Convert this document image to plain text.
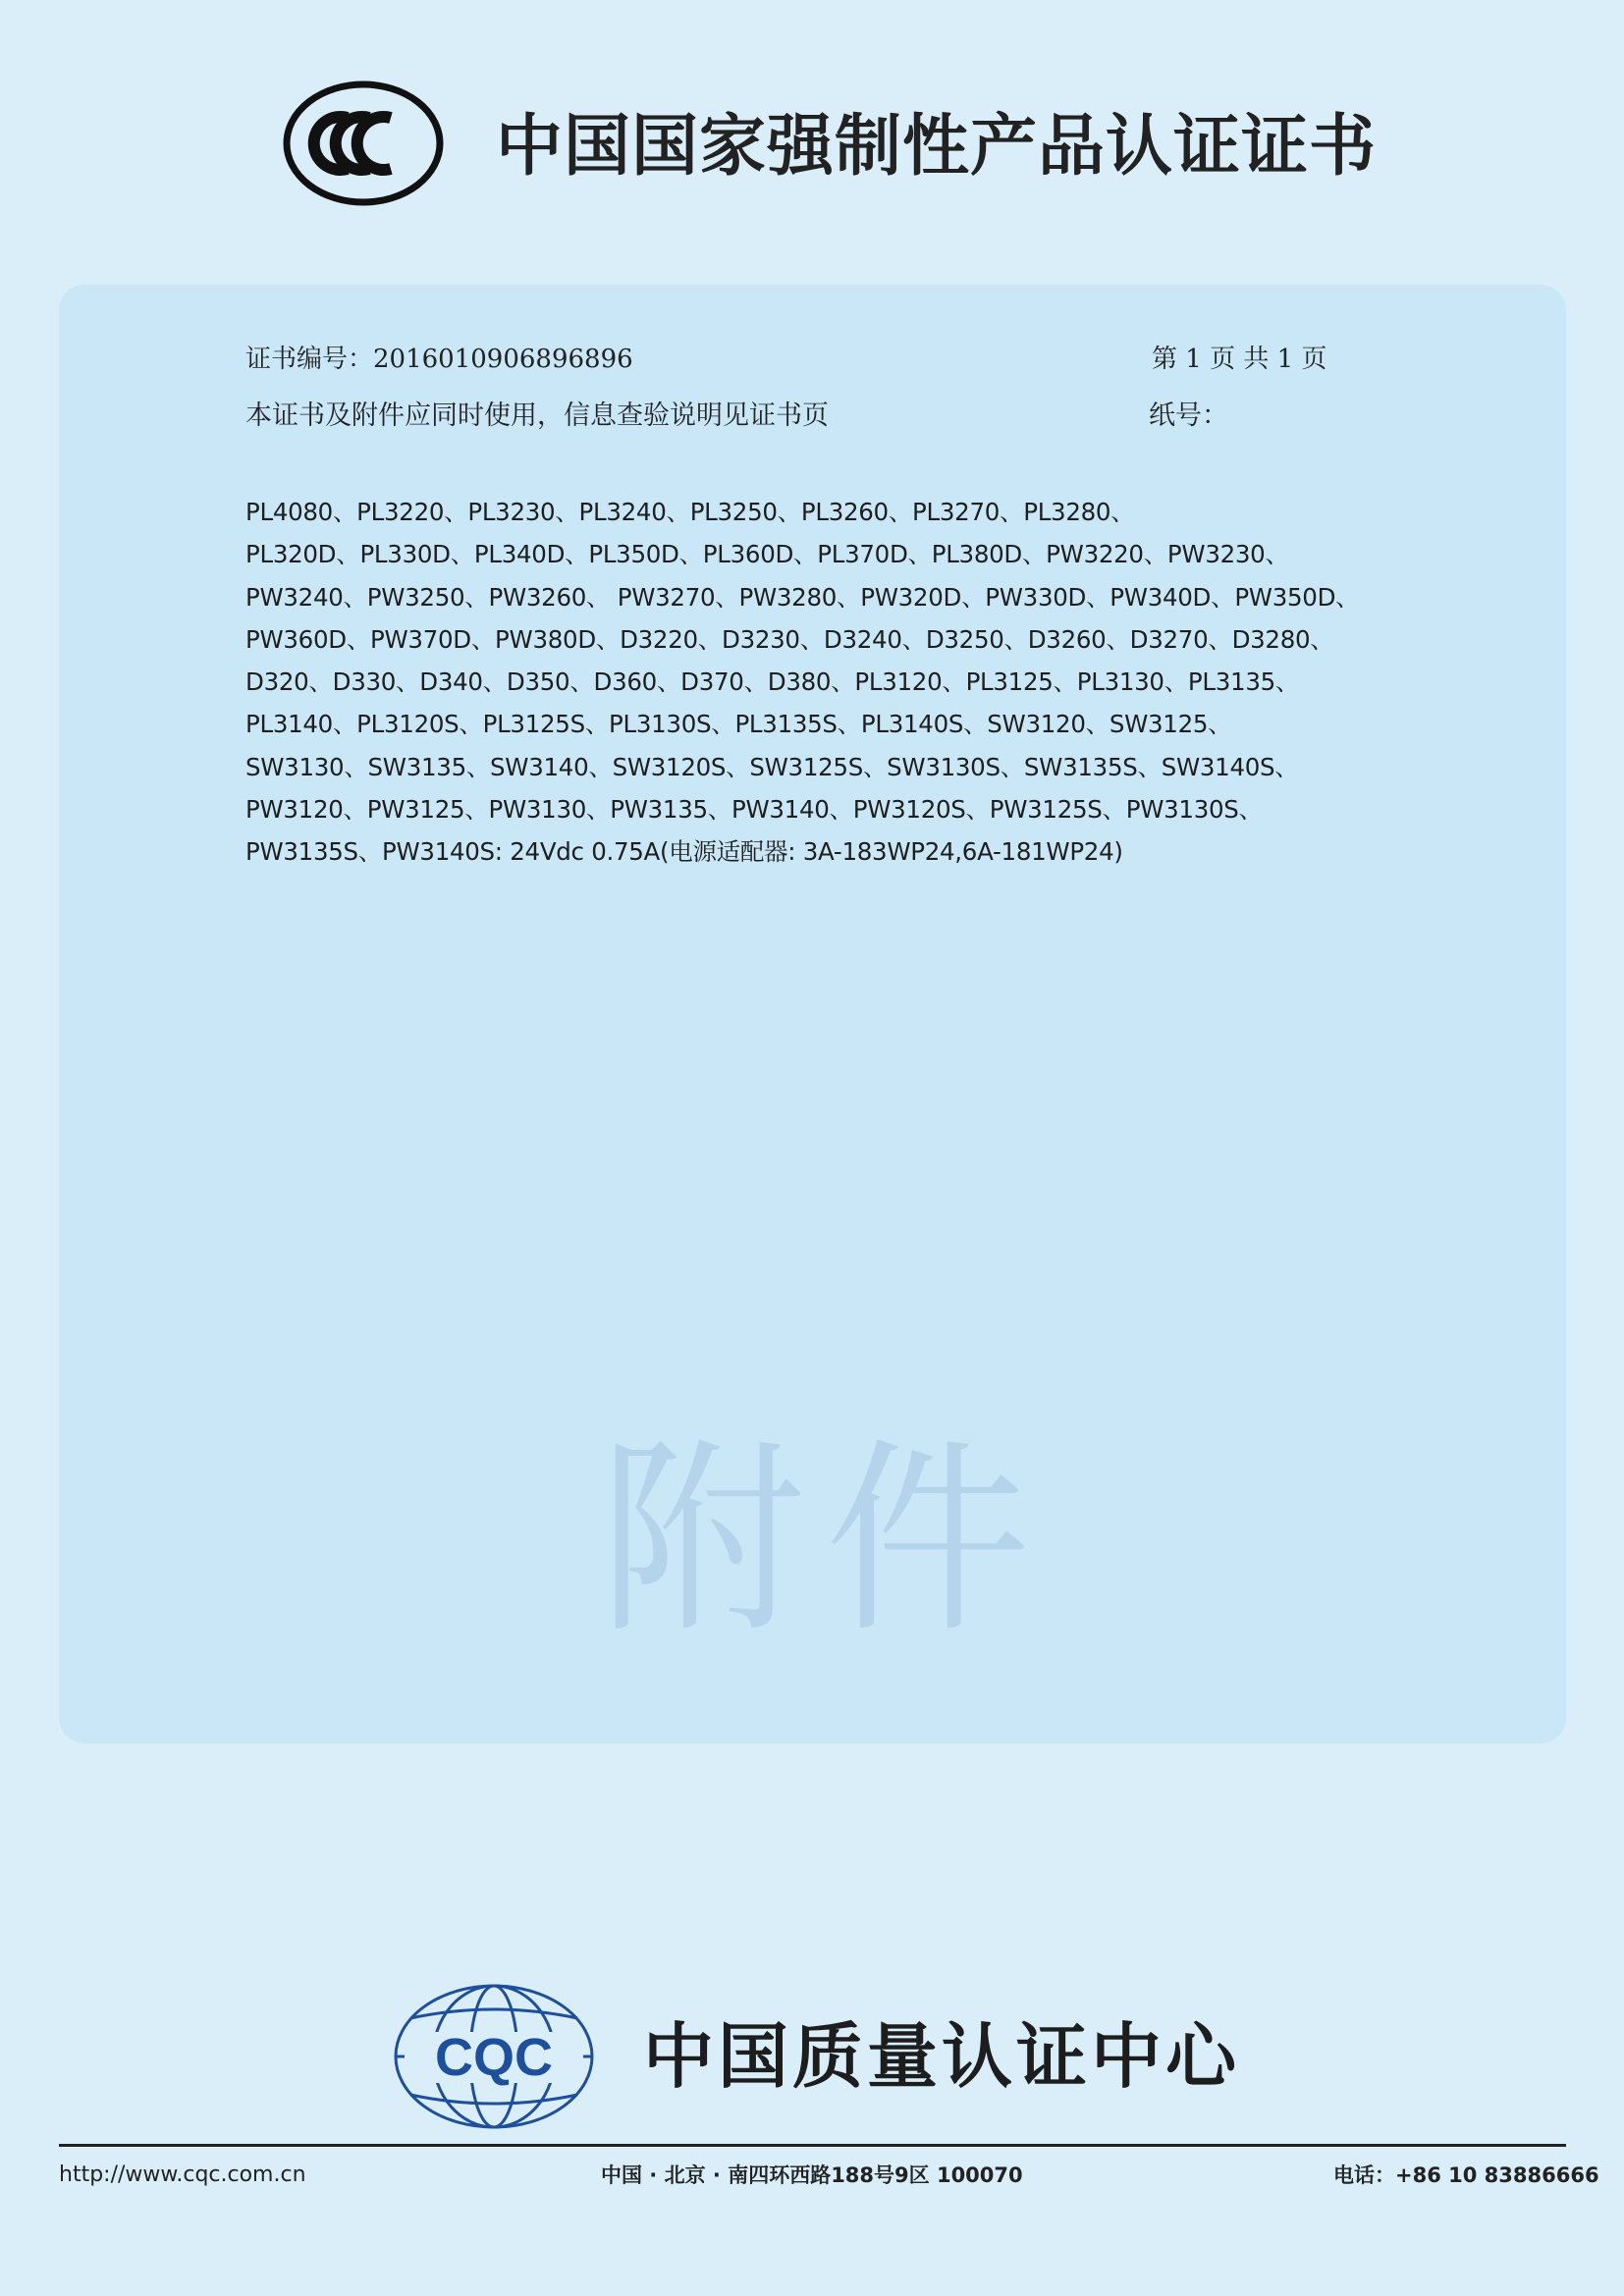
中国国家强制性产品认证证书
证书编号：2016010906896896	第 1 页 共 1 页
本证书及附件应同时使用，信息查验说明见证书页	纸号：
PL4080、PL3220、PL3230、PL3240、PL3250、PL3260、PL3270、PL3280、
PL320D、PL330D、PL340D、PL350D、PL360D、PL370D、PL380D、PW3220、PW3230、
PW3240、PW3250、PW3260、 PW3270、PW3280、PW320D、PW330D、PW340D、PW350D、
PW360D、PW370D、PW380D、D3220、D3230、D3240、D3250、D3260、D3270、D3280、
D320、D330、D340、D350、D360、D370、D380、PL3120、PL3125、PL3130、PL3135、
PL3140、PL3120S、PL3125S、PL3130S、PL3135S、PL3140S、SW3120、SW3125、
SW3130、SW3135、SW3140、SW3120S、SW3125S、SW3130S、SW3135S、SW3140S、
PW3120、PW3125、PW3130、PW3135、PW3140、PW3120S、PW3125S、PW3130S、
PW3135S、PW3140S: 24Vdc 0.75A(电源适配器: 3A-183WP24,6A-181WP24)
附件
CQC 中国质量认证中心
http://www.cqc.com.cn	中国 · 北京 · 南四环西路188号9区 100070	电话：+86 10 83886666
